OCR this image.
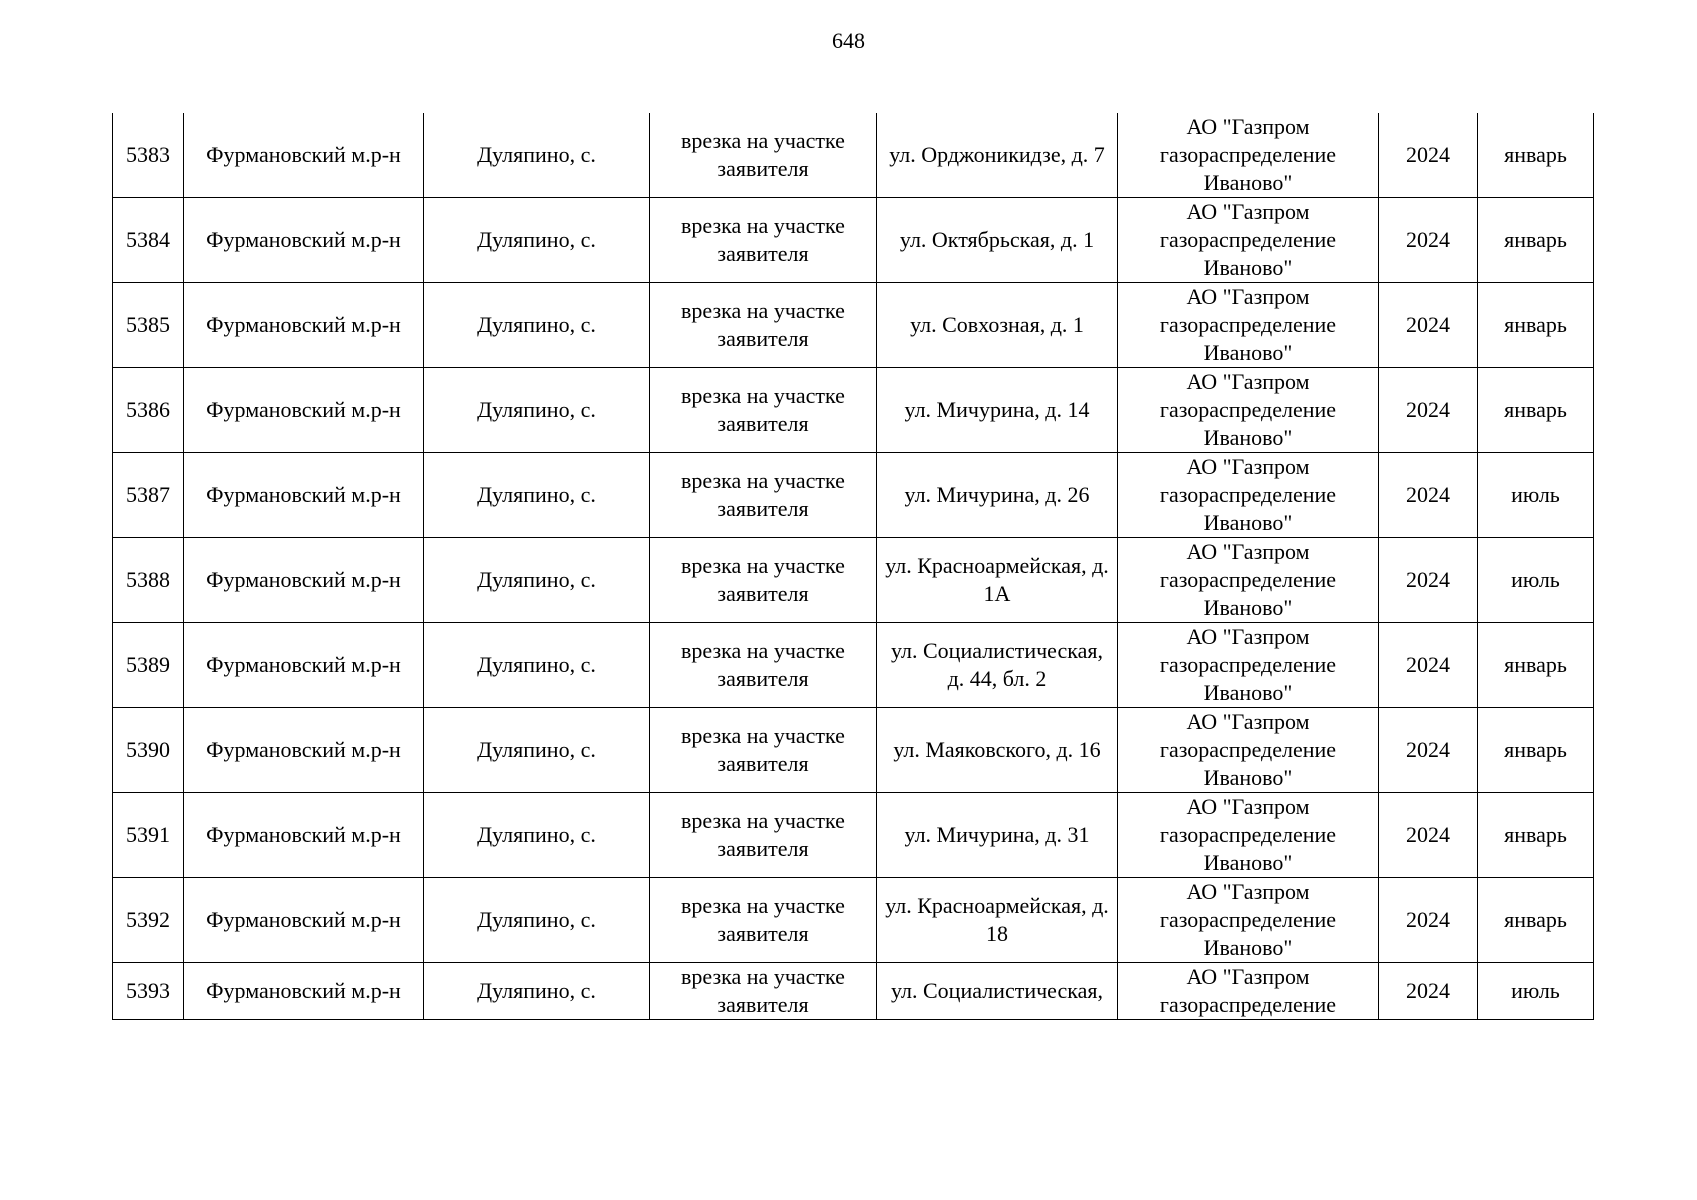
648
5383	Фурмановский м.р-н	Дуляпино, с.	врезка на участке заявителя	ул. Орджоникидзе, д. 7	АО "Газпром газораспределение Иваново"	2024	январь
5384	Фурмановский м.р-н	Дуляпино, с.	врезка на участке заявителя	ул. Октябрьская, д. 1	АО "Газпром газораспределение Иваново"	2024	январь
5385	Фурмановский м.р-н	Дуляпино, с.	врезка на участке заявителя	ул. Совхозная, д. 1	АО "Газпром газораспределение Иваново"	2024	январь
5386	Фурмановский м.р-н	Дуляпино, с.	врезка на участке заявителя	ул. Мичурина, д. 14	АО "Газпром газораспределение Иваново"	2024	январь
5387	Фурмановский м.р-н	Дуляпино, с.	врезка на участке заявителя	ул. Мичурина, д. 26	АО "Газпром газораспределение Иваново"	2024	июль
5388	Фурмановский м.р-н	Дуляпино, с.	врезка на участке заявителя	ул. Красноармейская, д. 1А	АО "Газпром газораспределение Иваново"	2024	июль
5389	Фурмановский м.р-н	Дуляпино, с.	врезка на участке заявителя	ул. Социалистическая, д. 44, бл. 2	АО "Газпром газораспределение Иваново"	2024	январь
5390	Фурмановский м.р-н	Дуляпино, с.	врезка на участке заявителя	ул. Маяковского, д. 16	АО "Газпром газораспределение Иваново"	2024	январь
5391	Фурмановский м.р-н	Дуляпино, с.	врезка на участке заявителя	ул. Мичурина, д. 31	АО "Газпром газораспределение Иваново"	2024	январь
5392	Фурмановский м.р-н	Дуляпино, с.	врезка на участке заявителя	ул. Красноармейская, д. 18	АО "Газпром газораспределение Иваново"	2024	январь
5393	Фурмановский м.р-н	Дуляпино, с.	врезка на участке заявителя	ул. Социалистическая,	АО "Газпром газораспределение	2024	июль
